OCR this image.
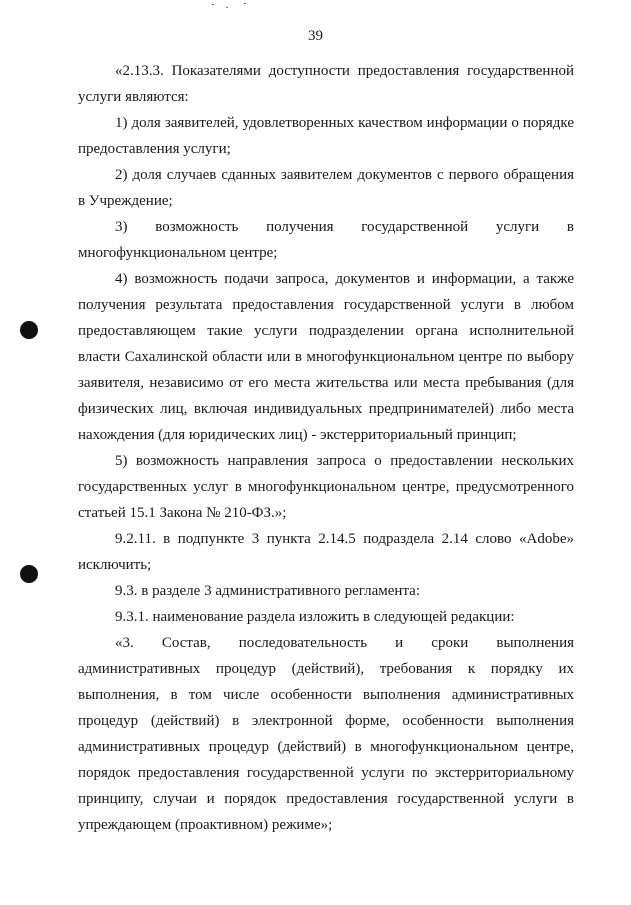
39

«2.13.3. Показателями доступности предоставления государственной услуги являются:

1) доля заявителей, удовлетворенных качеством информации о порядке предоставления услуги;

2) доля случаев сданных заявителем документов с первого обращения в Учреждение;

3) возможность получения государственной услуги в многофункциональном центре;

4) возможность подачи запроса, документов и информации, а также получения результата предоставления государственной услуги в любом предоставляющем такие услуги подразделении органа исполнительной власти Сахалинской области или в многофункциональном центре по выбору заявителя, независимо от его места жительства или места пребывания (для физических лиц, включая индивидуальных предпринимателей) либо места нахождения (для юридических лиц) - экстерриториальный принцип;

5) возможность направления запроса о предоставлении нескольких государственных услуг в многофункциональном центре, предусмотренного статьей 15.1 Закона № 210-ФЗ.»;

9.2.11. в подпункте 3 пункта 2.14.5 подраздела 2.14 слово «Adobe» исключить;

9.3. в разделе 3 административного регламента:

9.3.1. наименование раздела изложить в следующей редакции:

«3. Состав, последовательность и сроки выполнения административных процедур (действий), требования к порядку их выполнения, в том числе особенности выполнения административных процедур (действий) в электронной форме, особенности выполнения административных процедур (действий) в многофункциональном центре, порядок предоставления государственной услуги по экстерриториальному принципу, случаи и порядок предоставления государственной услуги в упреждающем (проактивном) режиме»;
